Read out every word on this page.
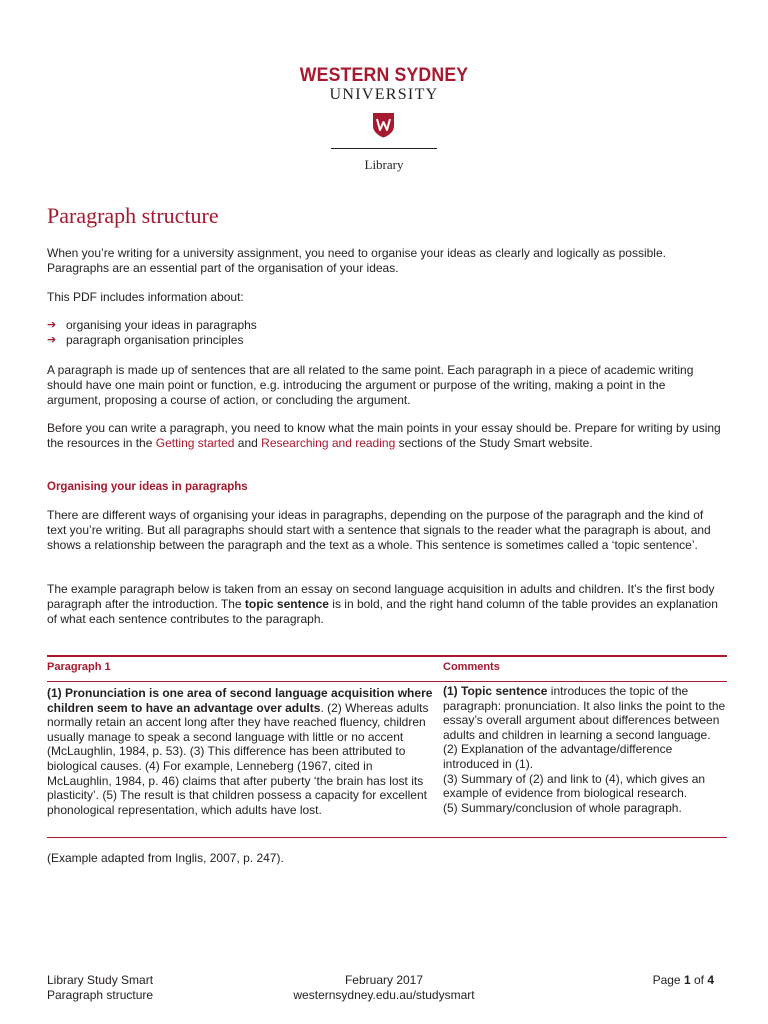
WESTERN SYDNEY
UNIVERSITY
Library
Paragraph structure

When you’re writing for a university assignment, you need to organise your ideas as clearly and logically as possible. Paragraphs are an essential part of the organisation of your ideas.

This PDF includes information about:

➔ organising your ideas in paragraphs
➔ paragraph organisation principles

A paragraph is made up of sentences that are all related to the same point. Each paragraph in a piece of academic writing should have one main point or function, e.g. introducing the argument or purpose of the writing, making a point in the argument, proposing a course of action, or concluding the argument.

Before you can write a paragraph, you need to know what the main points in your essay should be. Prepare for writing by using the resources in the Getting started and Researching and reading sections of the Study Smart website.

Organising your ideas in paragraphs

There are different ways of organising your ideas in paragraphs, depending on the purpose of the paragraph and the kind of text you’re writing. But all paragraphs should start with a sentence that signals to the reader what the paragraph is about, and shows a relationship between the paragraph and the text as a whole. This sentence is sometimes called a ‘topic sentence’.

The example paragraph below is taken from an essay on second language acquisition in adults and children. It’s the first body paragraph after the introduction. The topic sentence is in bold, and the right hand column of the table provides an explanation of what each sentence contributes to the paragraph.

Paragraph 1	Comments
(1) Pronunciation is one area of second language acquisition where children seem to have an advantage over adults. (2) Whereas adults normally retain an accent long after they have reached fluency, children usually manage to speak a second language with little or no accent (McLaughlin, 1984, p. 53). (3) This difference has been attributed to biological causes. (4) For example, Lenneberg (1967, cited in McLaughlin, 1984, p. 46) claims that after puberty ‘the brain has lost its plasticity’. (5) The result is that children possess a capacity for excellent phonological representation, which adults have lost.
(1) Topic sentence introduces the topic of the paragraph: pronunciation. It also links the point to the essay’s overall argument about differences between adults and children in learning a second language.
(2) Explanation of the advantage/difference introduced in (1).
(3) Summary of (2) and link to (4), which gives an example of evidence from biological research.
(5) Summary/conclusion of whole paragraph.
(Example adapted from Inglis, 2007, p. 247).
Library Study Smart
Paragraph structure
February 2017
westernsydney.edu.au/studysmart
Page 1 of 4
